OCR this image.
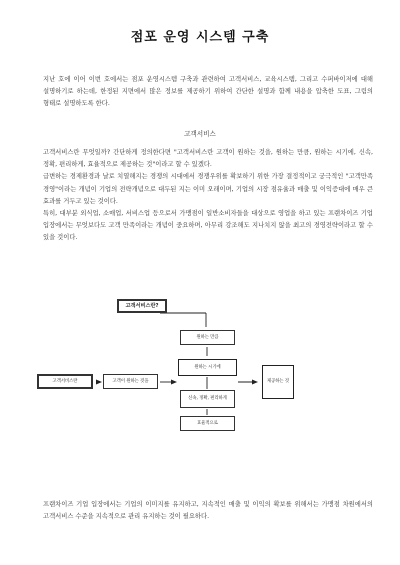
점포 운영 시스템 구축

지난 호에 이어 이번 호에서는 점포 운영시스템 구축과 관련하여 고객서비스, 교육시스템, 그리고 수퍼바이저에 대해 설명하기로 하는데, 한정된 지면에서 많은 정보를 제공하기 위하여 간단한 설명과 함께 내용을 압축한 도표, 그림의 형태로 설명하도록 한다.

고객서비스
고객서비스란 무엇일까? 간단하게 정의한다면 "고객서비스란 고객이 원하는 것을, 원하는 만큼, 원하는 시기에, 신속, 정확, 편리하게, 효율적으로 제공하는 것"이라고 할 수 있겠다.
급변하는 경제환경과 날로 치열해지는 경쟁의 시대에서 경쟁우위를 확보하기 위한 가장 결정적이고 궁극적인 "고객만족 경영"이라는 개념이 기업의 전략개념으로 대두된 지는 이미 오래이며, 기업의 시장 점유율과 매출 및 이익증대에 매우 큰 효과를 거두고 있는 것이다.
특히, 대부분 외식업, 소매업, 서비스업 등으로서 가맹점이 일반소비자들을 대상으로 영업을 하고 있는 프랜차이즈 기업 입장에서는 무엇보다도 고객 만족이라는 개념이 중요하며, 아무리 강조해도 지나치지 않을 최고의 경영전략이라고 할 수 있을 것이다.
고객서비스란?
고객이 원하는 것을
고객서비스란
원하는 만큼
원하는 시기에
신속, 정확, 편리하게
효율적으로
제공하는 것

프랜차이즈 기업 입장에서는 기업의 이미지를 유지하고, 지속적인 매출 및 이익의 확보를 위해서는 가맹점 차원에서의 고객서비스 수준을 지속적으로 관리 유지하는 것이 필요하다.
